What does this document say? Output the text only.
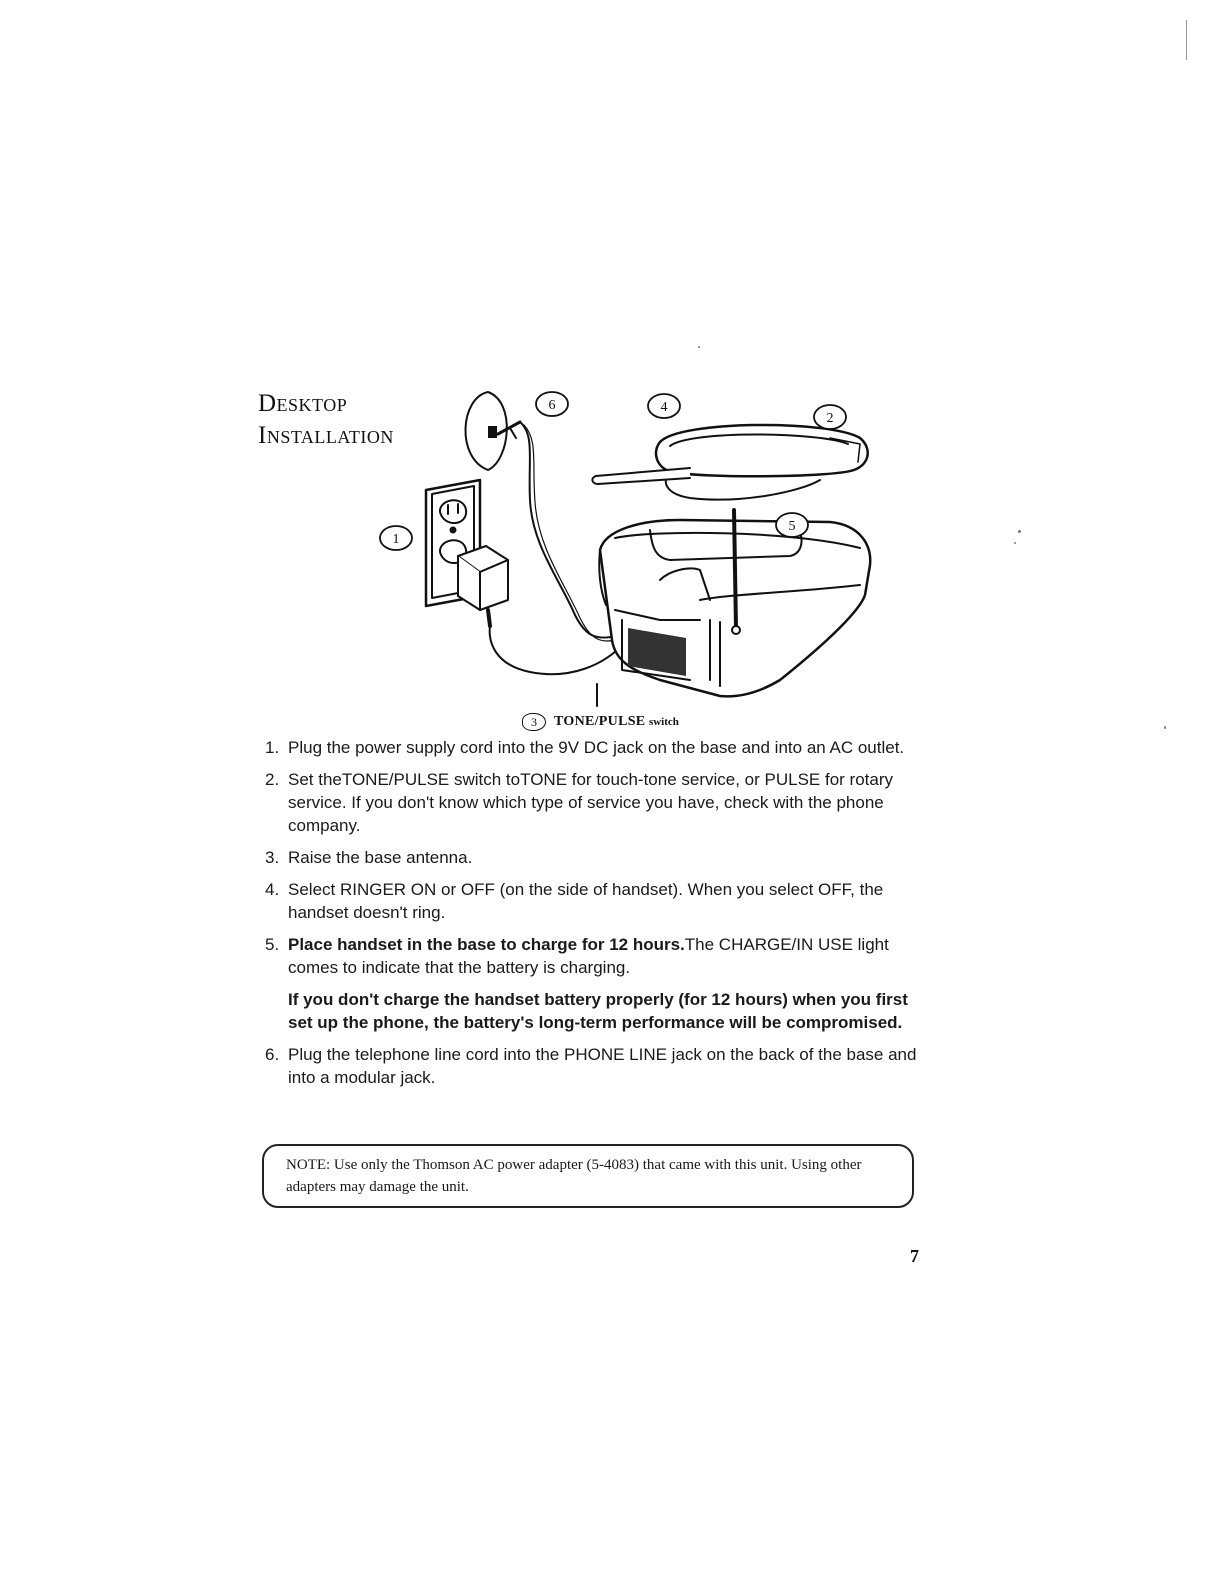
Desktop
Installation
1
2
4
5
6
3	TONE/PULSE switch
1. Plug the power supply cord into the 9V DC jack on the base and into an AC outlet.
2. Set theTONE/PULSE switch toTONE for touch-tone service, or PULSE for rotary service. If you don't know which type of service you have, check with the phone company.
3. Raise the base antenna.
4. Select RINGER ON or OFF (on the side of handset). When you select OFF, the handset doesn't ring.
5. Place handset in the base to charge for 12 hours.The CHARGE/IN USE light comes to indicate that the battery is charging.
If you don't charge the handset battery properly (for 12 hours) when you first set up the phone, the battery's long-term performance will be compromised.
6. Plug the telephone line cord into the PHONE LINE jack on the back of the base and into a modular jack.
NOTE: Use only the Thomson AC power adapter (5-4083) that came with this unit. Using other adapters may damage the unit.
7
